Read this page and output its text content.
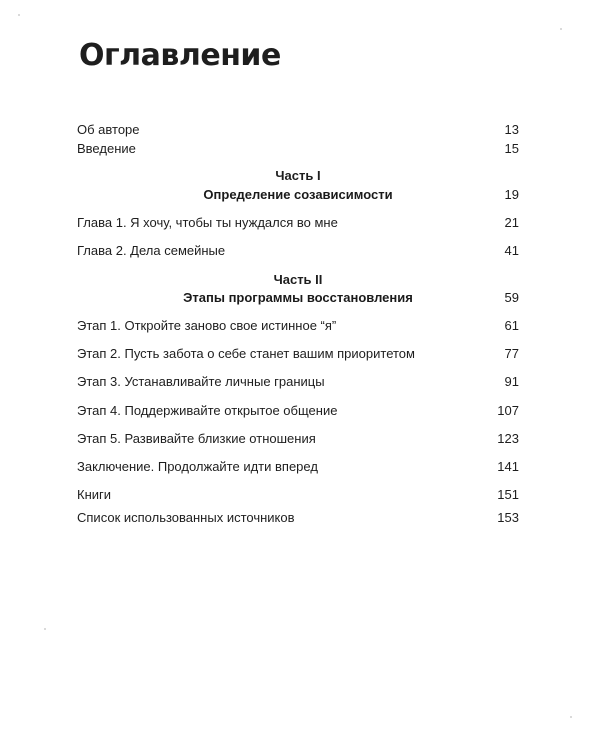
Оглавление
Об авторе	13
Введение	15
Часть I
Определение созависимости	19
Глава 1. Я хочу, чтобы ты нуждался во мне	21
Глава 2. Дела семейные	41
Часть II
Этапы программы восстановления	59
Этап 1. Откройте заново свое истинное “я”	61
Этап 2. Пусть забота о себе станет вашим приоритетом	77
Этап 3. Устанавливайте личные границы	91
Этап 4. Поддерживайте открытое общение	107
Этап 5. Развивайте близкие отношения	123
Заключение. Продолжайте идти вперед	141
Книги	151
Список использованных источников	153
